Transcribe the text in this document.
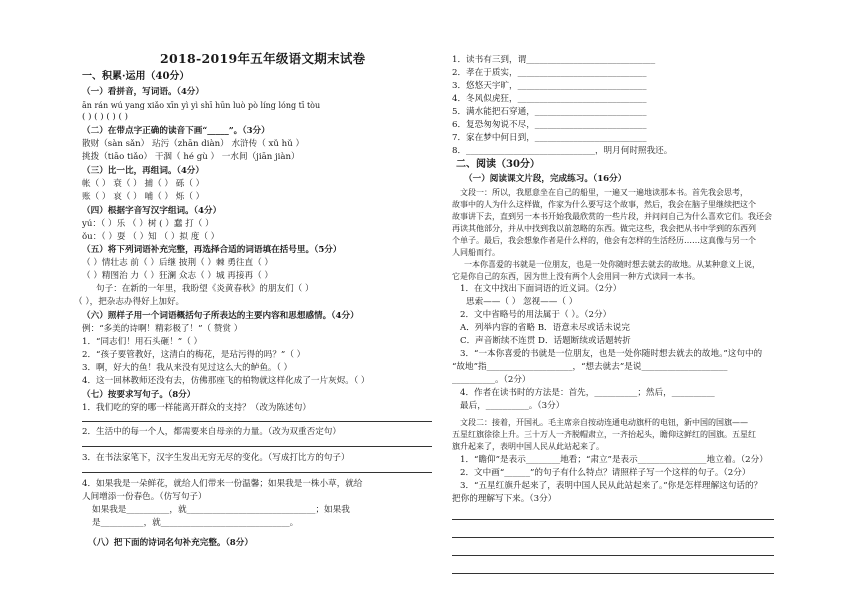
2018-2019年五年级语文期末试卷
一、积累·运用（40分）
（一）看拼音，写词语。（4分）
ān rán wú yang xiǎo xīn yì yì shī hūn luò pò líng lóng tī tòu
( ) ( ) ( ) ( )
（二）在带点字正确的读音下画“_____”。（3分）
散财（sàn sǎn） 玷污（zhān diàn） 水浒传（ xǔ hǔ ）
挑拨（tiāo tiǎo） 干涸（ hé gù ） 一水间（jiān jiàn）
（三）比一比，再组词。（4分）
帐（ ） 衰（ ） 捕（ ） 砾（ ）
账（ ） 哀（ ） 哺（ ） 烁（ ）
（四）根据字音写汉字组词。（4分）
yú：（ ）乐 （ ）树 ( ）蠢 打（ ）
ǒu：（ ）耍 （ ）知 （ ）拟 度（ ）
（五）将下列词语补充完整，再选择合适的词语填在括号里。（5分）
（ ）情壮志 前（ ）后继 披荆（ ）棘 勇往直（ ）
（ ）精图治 力（ ）狂澜 众志（ ）城 再接再（ ）
句子：在新的一年里，我盼望《炎黄春秋》的朋友们（ ）
（ ），把杂志办得好上加好。
（六）照样子用一个词语概括句子所表达的主要内容和思想感情。（4分）
例：“多美的诗啊！精彩极了！”（ 赞赏 ）
1．“同志们！用石头砸！”（ ）
2．“孩子要管教好，这清白的梅花，是玷污得的吗？”（ ）
3．啊，好大的鱼！我从来没有见过这么大的鲈鱼。（ ）
4．这一回林教师还没有去，仿佛那座飞的柏物就这样化成了一片灰烬。（ ）
（七）按要求写句子。（8分）
1．我们吃的穿的哪一样能离开群众的支持？（改为陈述句）
2．生活中的每一个人，都需要来自母亲的力量。（改为双重否定句）
3．在书法家笔下，汉字生发出无穷无尽的变化。（写成打比方的句子）
4．如果我是一朵鲜花，就给人们带来一份温馨；如果我是一株小草，就给
人间增添一份春色。（仿写句子）
如果我是__________，就______________________________；如果我
是__________，就______________________________。
（八）把下面的诗词名句补充完整。（8分）
1．读书有三到，谓______________________________
2．孝在于质实，______________________________
3．悠悠天宇旷，______________________________
4．冬风似虎狂，______________________________
5．满水能把石穿通，__________________________
6．复恐匆匆说不尽，__________________________
7．家在梦中何日到，__________________________
8．______________________________，明月何时照我还。
二、阅读（30分）
（一）阅读课文片段，完成练习。（16分）
文段一：所以，我愿意坐在自己的船里，一遍又一遍地读那本书。首先我会思考，
故事中的人为什么这样做，作家为什么要写这个故事，然后，我会在脑子里继续把这个
故事讲下去，直到另一本书开始我最欣赏的一些片段，并问问自己为什么喜欢它们。我还会
再读其他部分，并从中找到我以前忽略的东西。做完这些，我会把从书中学到的东西列
个单子。最后，我会想象作者是什么样的，他会有怎样的生活经历……这真像与另一个
人同船而行。
一本你喜爱的书就是一位朋友，也是一处你随时想去就去的故地。从某种意义上说，
它是你自己的东西，因为世上没有两个人会用同一种方式读同一本书。
1．在文中找出下面词语的近义词。（2分）
思索——（ ） 忽视——（ ）
2．文中省略号的用法属于（ ）。（2分）
A．列举内容的省略 B．语意未尽或话未说完
C．声音断续不连贯 D．话题断续或话题转折
3．“一本你喜爱的书就是一位朋友，也是一处你随时想去就去的故地。”这句中的
“故地”指____________________，“想去就去”是说____________________
__________。（2分）
4．作者在读书时的方法是：首先，__________；然后，__________
最后，__________。（3分）
文段二：接着，开国礼。毛主席亲自按动连通电动旗杆的电钮，新中国的国旗——
五星红旗徐徐上升。三十万人一齐脱帽肃立，一齐抬起头，瞻仰这鲜红的国旗。五星红
旗升起来了，表明中国人民从此站起来了。
1．“瞻仰”是表示________地看；“肃立”是表示________________地立着。（2分）
2．文中画“______”的句子有什么特点？请照样子写一个这样的句子。（2分）
3．“五星红旗升起来了，表明中国人民从此站起来了。”你是怎样理解这句话的？
把你的理解写下来。（3分）
